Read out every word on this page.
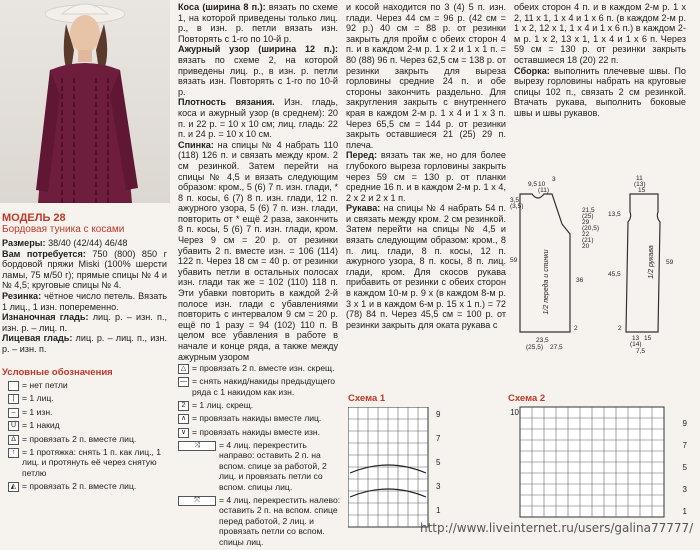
МОДЕЛЬ 28
Бордовая туника с косами

Размеры: 38/40 (42/44) 46/48

Вам потребуется: 750 (800) 850 г бордовой пряжи Miski (100% шерсти ламы, 75 м/50 г); прямые спицы № 4 и № 4,5; круговые спицы № 4.

Резинка: чётное число петель. Вязать 1 лиц., 1 изн. попеременно.

Изнаночная гладь: лиц. р. – изн. п., изн. р. – лиц. п.

Лицевая гладь: лиц. р. – лиц. п., изн. р. – изн. п.

Коса (ширина 8 п.): вязать по схеме 1, на которой приведены только лиц. р., в изн. р. петли вязать изн. Повторять с 1-го по 10-й р.

Ажурный узор (ширина 12 п.): вязать по схеме 2, на которой приведены лиц. р., в изн. р. петли вязать изн. Повторять с 1-го по 10-й р.

Плотность вязания. Изн. гладь, коса и ажурный узор (в среднем): 20 п. и 22 р. = 10 х 10 см; лиц. гладь: 22 п. и 24 р. = 10 х 10 см.

Спинка: на спицы № 4 набрать 110 (118) 126 п. и связать между кром. 2 см резинкой. Затем перейти на спицы № 4,5 и вязать следующим образом: кром., 5 (6) 7 п. изн. глади, * 8 п. косы, 6 (7) 8 п. изн. глади, 12 п. ажурного узора, 5 (6) 7 п. изн. глади, повторить от * ещё 2 раза, закончить 8 п. косы, 5 (6) 7 п. изн. глади, кром. Через 9 см = 20 р. от резинки убавить 2 п. вместе изн. = 106 (114) 122 п. Через 18 см = 40 р. от резинки убавить петли в остальных полосах изн. глади так же = 102 (110) 118 п. Эти убавки повторить в каждой 2-й полосе изн. глади с убавлениями повторить с интервалом 9 см = 20 р. ещё по 1 разу = 94 (102) 110 п. В целом все убавления в работе в начале и конце ряда, а также между ажурным узором

и косой находится по 3 (4) 5 п. изн. глади. Через 44 см = 96 р. (42 см = 92 р.) 40 см = 88 р. от резинки закрыть для пройм с обеих сторон 4 п. и в каждом 2-м р. 1 х 2 и 1 х 1 п. = 80 (88) 96 п. Через 62,5 см = 138 р. от резинки закрыть для выреза горловины средние 24 п. и обе стороны закончить раздельно. Для закругления закрыть с внутреннего края в каждом 2-м р. 1 х 4 и 1 х 3 п. Через 65,5 см = 144 р. от резинки закрыть оставшиеся 21 (25) 29 п. плеча.

Перед: вязать так же, но для более глубокого выреза горловины закрыть через 59 см = 130 р. от планки средние 16 п. и в каждом 2-м р. 1 х 4, 2 х 2 и 2 х 1 п.

Рукава: на спицы № 4 набрать 54 п. и связать между кром. 2 см резинкой. Затем перейти на спицы № 4,5 и вязать следующим образом: кром., 8 п. лиц. глади, 8 п. косы, 12 п. ажурного узора, 8 п. косы, 8 п. лиц. глади, кром. Для скосов рукава прибавить от резинки с обеих сторон в каждом 10-м р. 9 х (в каждом 8-м р. 3 х 1 и в каждом 6-м р. 15 х 1 п.) = 72 (78) 84 п. Через 45,5 см = 100 р. от резинки закрыть для оката рукава с

обеих сторон 4 п. и в каждом 2-м р. 1 х 2, 11 х 1, 1 х 4 и 1 х 6 п. (в каждом 2-м р. 1 х 2, 12 х 1, 1 х 4 и 1 х 6 п.) в каждом 2-м р. 1 х 2, 13 х 1, 1 х 4 и 1 х 6 п. Через 59 см = 130 р. от резинки закрыть оставшиеся 18 (20) 22 п.

Сборка: выполнить плечевые швы. По вырезу горловины набрать на круговые спицы 102 п., связать 2 см резинкой. Втачать рукава, выполнить боковые швы и швы рукавов.

9,5 10
(11)
3
3,5
(3,5)
59
21,5
(25)
29
(20,5)
22
(21)
20
23,5
(25,5) 27,5
36
2
1/2 переда и спинки
11
(13)
15
13,5
59
45,5
2
13
(14)
15
7,5
1/2 рукава
Условные обозначения
= нет петли
| = 1 лиц.
– = 1 изн.
U = 1 накид
∆ = провязать 2 п. вместе лиц.
↑ = 1 протяжка: снять 1 п. как лиц., 1 лиц. и протянуть её через снятую петлю
◭ = провязать 2 п. вместе лиц.
△ = провязать 2 п. вместе изн. скрещ.
— = снять накид/накиды предыдущего ряда с 1 накидом как изн.
2 = 1 лиц. скрещ.
∧ = провязать накиды вместе лиц.
∨ = провязать накиды вместе изн.
⤨	= 4 лиц. перекрестить направо: оставить 2 п. на вспом. спице за работой, 2 лиц. и провязать петли со вспом. спицы лиц.
⤧	= 4 лиц. перекрестить налево: оставить 2 п. на вспом. спице перед работой, 2 лиц. и провязать петли со вспом. спицы лиц.
Схема 1
9
7
5
3
1
Схема 2
10
9
7
5
3
1
http://www.liveinternet.ru/users/galina77777/
